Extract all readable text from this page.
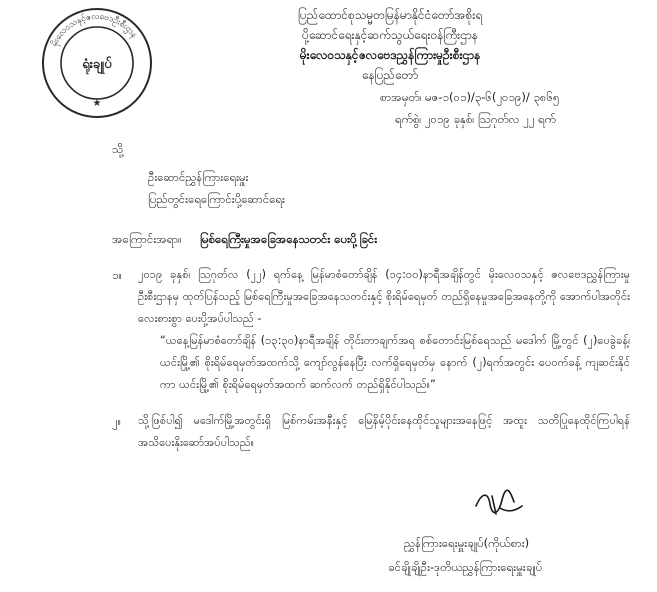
မိုးလေဝသနှင့်ဇလဗေဒဦးစီးဌာန
ရုံးချုပ်
★
ပြည်ထောင်စုသမ္မတမြန်မာနိုင်ငံတော်အစိုးရ
ပို့ဆောင်ရေးနှင့်ဆက်သွယ်ရေးဝန်ကြီးဌာန
မိုးလေဝသနှင့်ဇလဗေဒညွှန်ကြားမှုဦးစီးဌာန
နေပြည်တော်
စာအမှတ်၊ မဇ-၁(၀၁)/၃-၆(၂၀၁၉)/ ၃၈၆၅
ရက်စွဲ၊ ၂၀၁၉ ခုနှစ်၊ ဩဂုတ်လ ၂၂ ရက်
သို့
ဦးဆောင်ညွှန်ကြားရေးမှူး
ပြည်တွင်းရေကြောင်းပို့ဆောင်ရေး
အကြောင်းအရာ။ မြစ်ရေကြီးမှုအခြေအနေသတင်း ပေးပို့ခြင်း
၁။ ၂၀၁၉ ခုနှစ်၊ ဩဂုတ်လ (၂၂) ရက်နေ့ မြန်မာစံတော်ချိန် (၁၄:၀၀)နာရီအချိန်တွင် မိုးလေဝသနှင့် ဇလဗေဒညွှန်ကြားမှုဦးစီးဌာနမှ ထုတ်ပြန်သည့် မြစ်ရေကြီးမှုအခြေအနေသတင်းနှင့် စိုးရိမ်ရေမှတ် တည်ရှိနေမှုအခြေအနေတို့ကို အောက်ပါအတိုင်း လေးစားစွာ ပေးပို့အပ်ပါသည် -
“ယနေ့မြန်မာစံတော်ချိန် (၁၃:၃၀)နာရီအချိန် တိုင်းတာချက်အရ စစ်တောင်းမြစ်ရေသည် မဒေါက် မြို့တွင် (၂)ပေခွဲခန့်၊ ယင်းမြို့၏ စိုးရိမ်ရေမှတ်အထက်သို့ ကျော်လွန်နေပြီး လက်ရှိရေမှတ်မှ နောက် (၂)ရက်အတွင်း ပေ၀က်ခန့် ကျဆင်းနိုင်ကာ ယင်းမြို့၏ စိုးရိမ်ရေမှတ်အထက် ဆက်လက် တည်ရှိနိုင်ပါသည်။”
၂။ သို့ဖြစ်ပါ၍ မဒေါက်မြို့အတွင်းရှိ မြစ်ကမ်းအနီးနှင့် မြေနိမ့်ပိုင်းနေထိုင်သူများအနေဖြင့် အထူး သတိပြုနေထိုင်ကြပါရန် အသိပေးနိုးဆော်အပ်ပါသည်။
ညွှန်ကြားရေးမှူးချုပ်(ကိုယ်စား)
ခင်ချိုချိုဦး-ဒုတိယညွှန်ကြားရေးမှူးချုပ်
